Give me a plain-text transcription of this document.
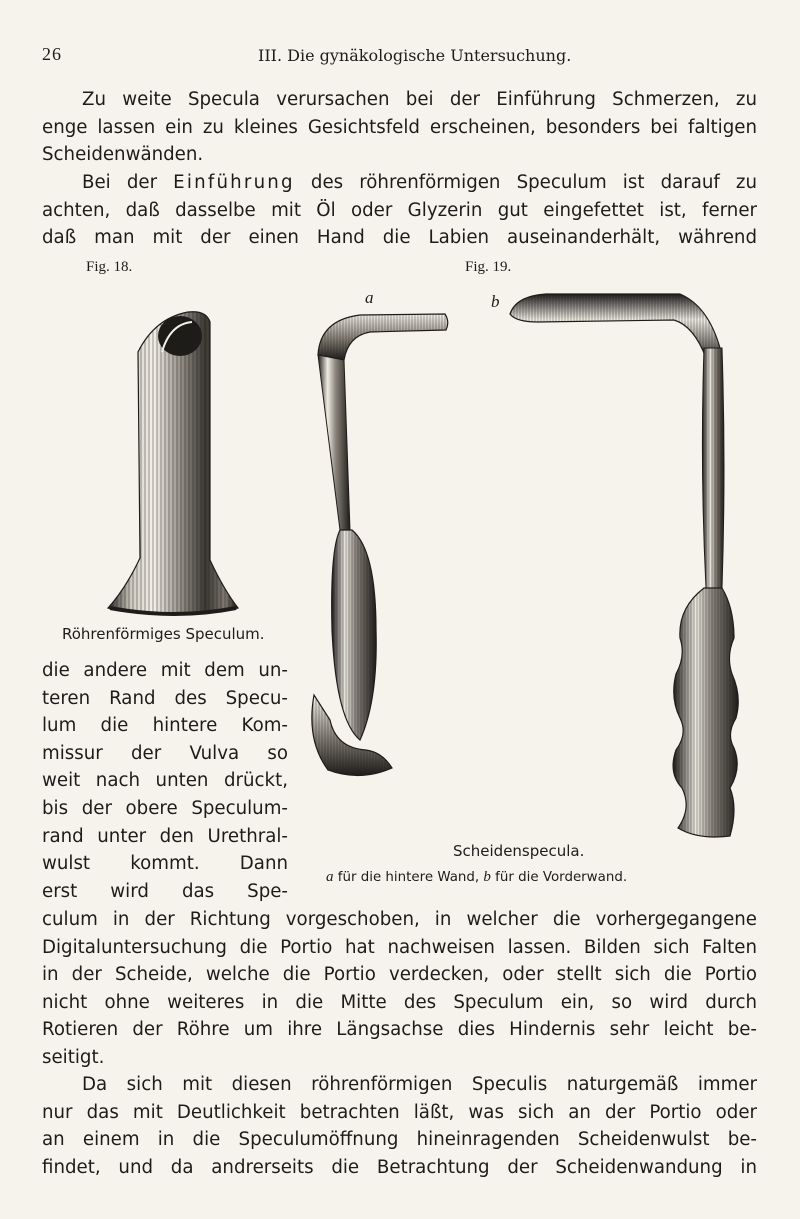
26	III. Die gynäkologische Untersuchung.
Zu weite Specula verursachen bei der Einführung Schmerzen, zu
enge lassen ein zu kleines Gesichtsfeld erscheinen, besonders bei faltigen
Scheidenwänden.
Bei der Einführung des röhrenförmigen Speculum ist darauf zu
achten, daß dasselbe mit Öl oder Glyzerin gut eingefettet ist, ferner
daß man mit der einen Hand die Labien auseinanderhält, während
Fig. 18.	Fig. 19.
a	b
Röhrenförmiges Speculum.
Scheidenspecula.
a für die hintere Wand, b für die Vorderwand.
die andere mit dem un-
teren Rand des Specu-
lum die hintere Kom-
missur der Vulva so
weit nach unten drückt,
bis der obere Speculum-
rand unter den Urethral-
wulst kommt. Dann
erst wird das Spe-
culum in der Richtung vorgeschoben, in welcher die vorhergegangene
Digitaluntersuchung die Portio hat nachweisen lassen. Bilden sich Falten
in der Scheide, welche die Portio verdecken, oder stellt sich die Portio
nicht ohne weiteres in die Mitte des Speculum ein, so wird durch
Rotieren der Röhre um ihre Längsachse dies Hindernis sehr leicht be-
seitigt.
Da sich mit diesen röhrenförmigen Speculis naturgemäß immer
nur das mit Deutlichkeit betrachten läßt, was sich an der Portio oder
an einem in die Speculumöffnung hineinragenden Scheidenwulst be-
findet, und da andrerseits die Betrachtung der Scheidenwandung in
